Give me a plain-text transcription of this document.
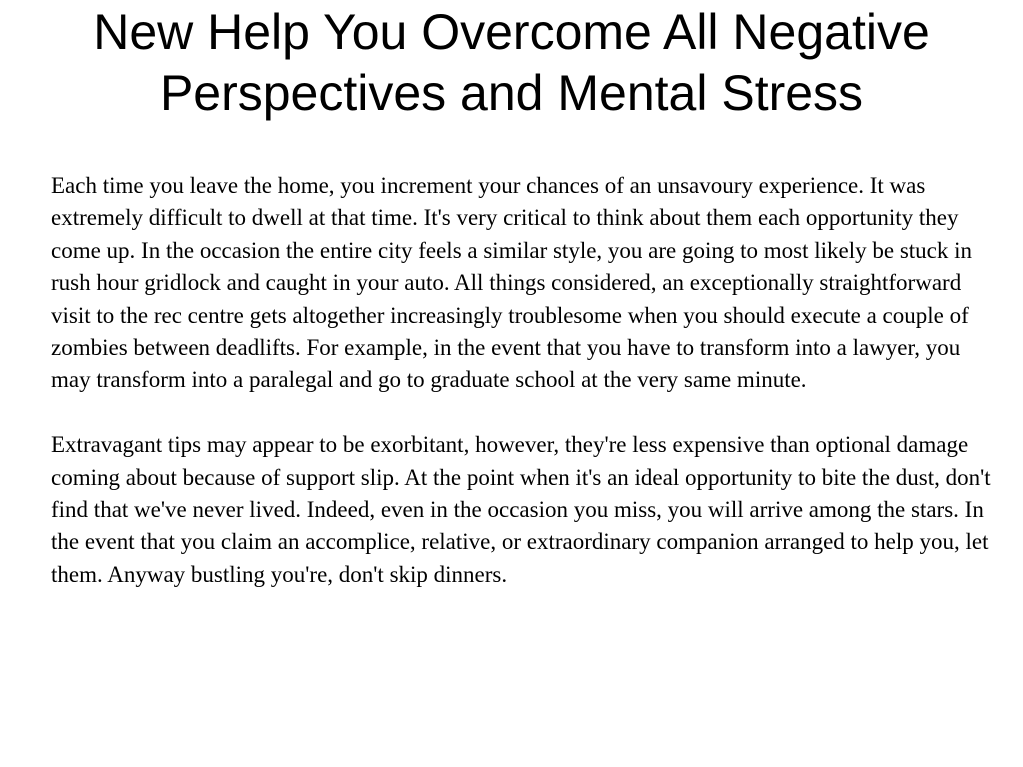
New Help You Overcome All Negative Perspectives and Mental Stress

Each time you leave the home, you increment your chances of an unsavoury experience. It was extremely difficult to dwell at that time. It's very critical to think about them each opportunity they come up. In the occasion the entire city feels a similar style, you are going to most likely be stuck in rush hour gridlock and caught in your auto. All things considered, an exceptionally straightforward visit to the rec centre gets altogether increasingly troublesome when you should execute a couple of zombies between deadlifts. For example, in the event that you have to transform into a lawyer, you may transform into a paralegal and go to graduate school at the very same minute.

Extravagant tips may appear to be exorbitant, however, they're less expensive than optional damage coming about because of support slip. At the point when it's an ideal opportunity to bite the dust, don't find that we've never lived. Indeed, even in the occasion you miss, you will arrive among the stars. In the event that you claim an accomplice, relative, or extraordinary companion arranged to help you, let them. Anyway bustling you're, don't skip dinners.
